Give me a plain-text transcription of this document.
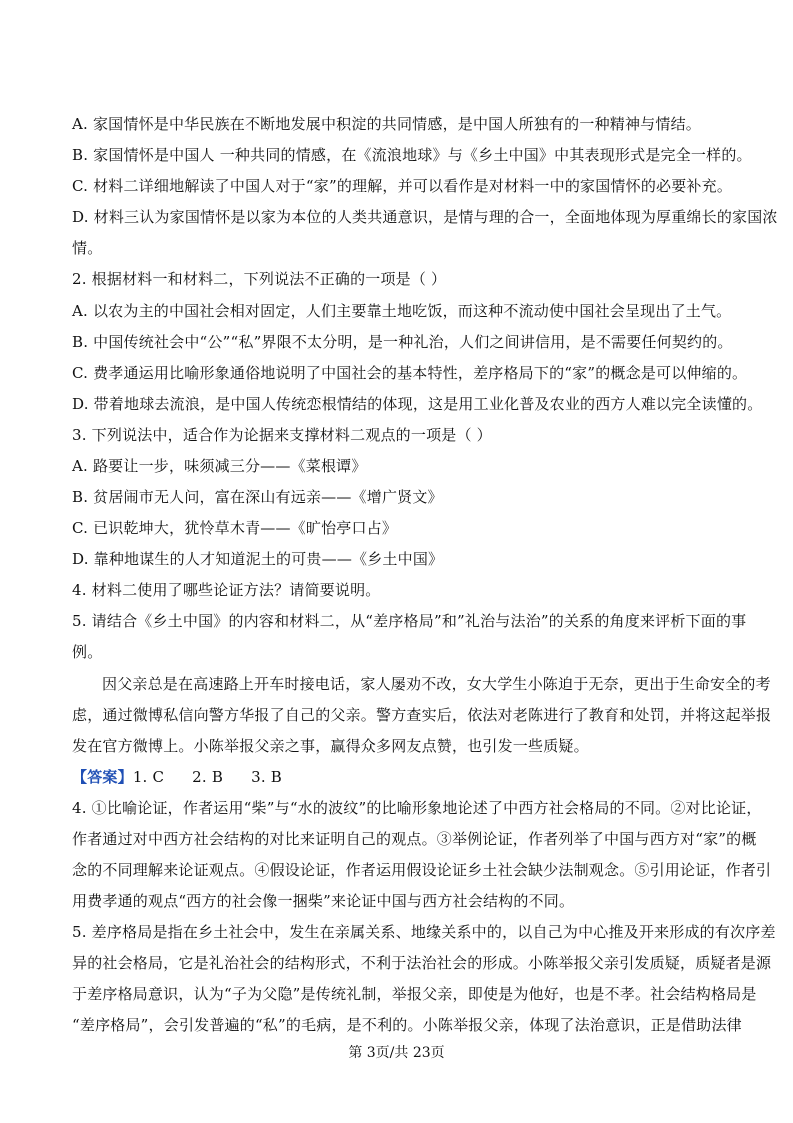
A. 家国情怀是中华民族在不断地发展中积淀的共同情感，是中国人所独有的一种精神与情结。
B. 家国情怀是中国人 一种共同的情感，在《流浪地球》与《乡土中国》中其表现形式是完全一样的。
C. 材料二详细地解读了中国人对于“家”的理解，并可以看作是对材料一中的家国情怀的必要补充。
D. 材料三认为家国情怀是以家为本位的人类共通意识，是情与理的合一，全面地体现为厚重绵长的家国浓
情。
2. 根据材料一和材料二，下列说法不正确的一项是（ ）
A. 以农为主的中国社会相对固定，人们主要靠土地吃饭，而这种不流动使中国社会呈现出了土气。
B. 中国传统社会中“公”“私”界限不太分明，是一种礼治，人们之间讲信用，是不需要任何契约的。
C. 费孝通运用比喻形象通俗地说明了中国社会的基本特性，差序格局下的“家”的概念是可以伸缩的。
D. 带着地球去流浪，是中国人传统恋根情结的体现，这是用工业化普及农业的西方人难以完全读懂的。
3. 下列说法中，适合作为论据来支撑材料二观点的一项是（ ）
A. 路要让一步，味须减三分——《菜根谭》
B. 贫居闹市无人问，富在深山有远亲——《增广贤文》
C. 已识乾坤大，犹怜草木青——《旷怡亭口占》
D. 靠种地谋生的人才知道泥土的可贵——《乡土中国》
4. 材料二使用了哪些论证方法？请简要说明。
5. 请结合《乡土中国》的内容和材料二，从“差序格局”和”礼治与法治”的关系的角度来评析下面的事
例。
因父亲总是在高速路上开车时接电话，家人屡劝不改，女大学生小陈迫于无奈，更出于生命安全的考
虑，通过微博私信向警方华报了自己的父亲。警方查实后，依法对老陈进行了教育和处罚，并将这起举报
发在官方微博上。小陈举报父亲之事，赢得众多网友点赞，也引发一些质疑。
【答案】1. C 2. B 3. B
4. ①比喻论证，作者运用“柴”与“水的波纹”的比喻形象地论述了中西方社会格局的不同。②对比论证，
作者通过对中西方社会结构的对比来证明自己的观点。③举例论证，作者列举了中国与西方对“家”的概
念的不同理解来论证观点。④假设论证，作者运用假设论证乡土社会缺少法制观念。⑤引用论证，作者引
用费孝通的观点“西方的社会像一捆柴”来论证中国与西方社会结构的不同。
5. 差序格局是指在乡土社会中，发生在亲属关系、地缘关系中的，以自己为中心推及开来形成的有次序差
异的社会格局，它是礼治社会的结构形式，不利于法治社会的形成。小陈举报父亲引发质疑，质疑者是源
于差序格局意识，认为“子为父隐”是传统礼制，举报父亲，即使是为他好，也是不孝。社会结构格局是
“差序格局”，会引发普遍的“私”的毛病，是不利的。小陈举报父亲，体现了法治意识，正是借助法律
第 3页/共 23页
